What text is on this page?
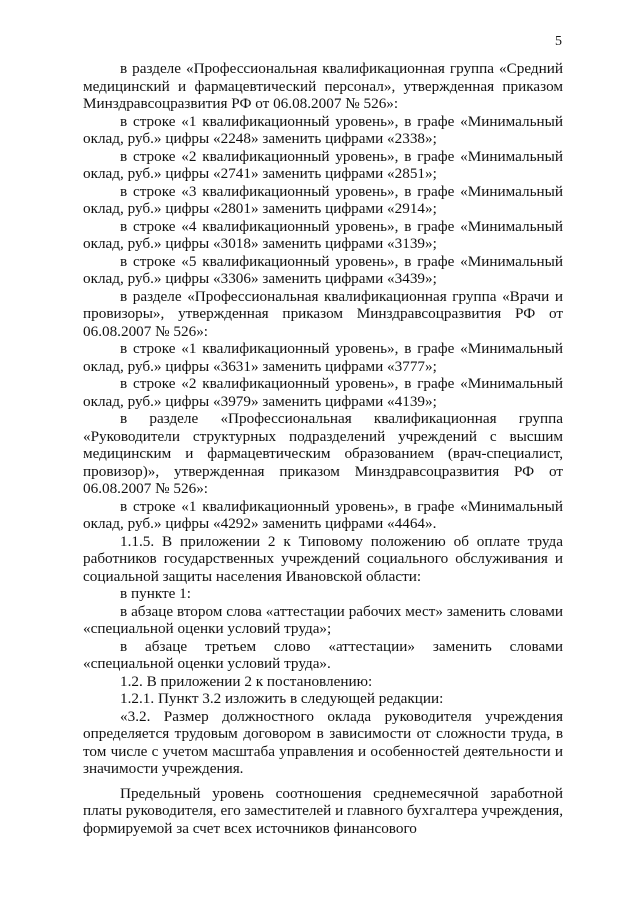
5

в разделе «Профессиональная квалификационная группа «Средний медицинский и фармацевтический персонал», утвержденная приказом Минздравсоцразвития РФ от 06.08.2007 № 526»:

в строке «1 квалификационный уровень», в графе «Минимальный оклад, руб.» цифры «2248» заменить цифрами «2338»;

в строке «2 квалификационный уровень», в графе «Минимальный оклад, руб.» цифры «2741» заменить цифрами «2851»;

в строке «3 квалификационный уровень», в графе «Минимальный оклад, руб.» цифры «2801» заменить цифрами «2914»;

в строке «4 квалификационный уровень», в графе «Минимальный оклад, руб.» цифры «3018» заменить цифрами «3139»;

в строке «5 квалификационный уровень», в графе «Минимальный оклад, руб.» цифры «3306» заменить цифрами «3439»;

в разделе «Профессиональная квалификационная группа «Врачи и провизоры», утвержденная приказом Минздравсоцразвития РФ от 06.08.2007 № 526»:

в строке «1 квалификационный уровень», в графе «Минимальный оклад, руб.» цифры «3631» заменить цифрами «3777»;

в строке «2 квалификационный уровень», в графе «Минимальный оклад, руб.» цифры «3979» заменить цифрами «4139»;

в разделе «Профессиональная квалификационная группа «Руководители структурных подразделений учреждений с высшим медицинским и фармацевтическим образованием (врач-специалист, провизор)», утвержденная приказом Минздравсоцразвития РФ от 06.08.2007 № 526»:

в строке «1 квалификационный уровень», в графе «Минимальный оклад, руб.» цифры «4292» заменить цифрами «4464».

1.1.5. В приложении 2 к Типовому положению об оплате труда работников государственных учреждений социального обслуживания и социальной защиты населения Ивановской области:

в пункте 1:

в абзаце втором слова «аттестации рабочих мест» заменить словами «специальной оценки условий труда»;

в абзаце третьем слово «аттестации» заменить словами «специальной оценки условий труда».

1.2. В приложении 2 к постановлению:

1.2.1. Пункт 3.2 изложить в следующей редакции:

«3.2. Размер должностного оклада руководителя учреждения определяется трудовым договором в зависимости от сложности труда, в том числе с учетом масштаба управления и особенностей деятельности и значимости учреждения.

Предельный уровень соотношения среднемесячной заработной платы руководителя, его заместителей и главного бухгалтера учреждения, формируемой за счет всех источников финансового
